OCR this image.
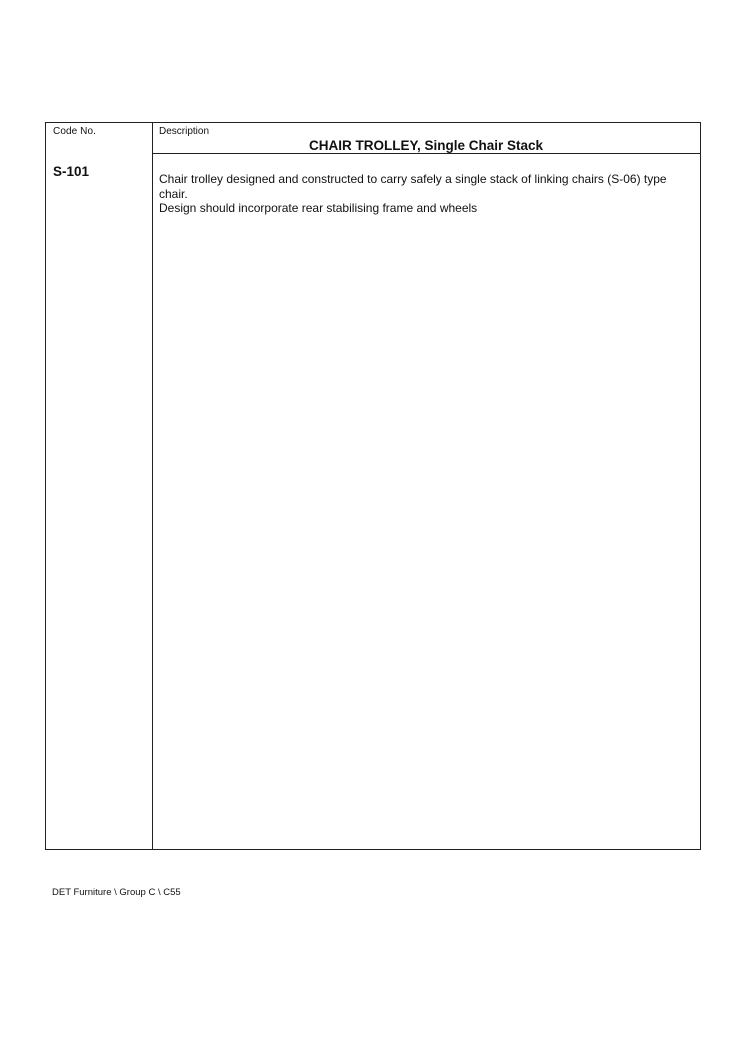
Code No.	Description
CHAIR TROLLEY, Single Chair Stack
S-101	Chair trolley designed and constructed to carry safely a single stack of linking chairs (S-06) type chair.

Design should incorporate rear stabilising frame and wheels

DET Furniture \ Group C \ C55
